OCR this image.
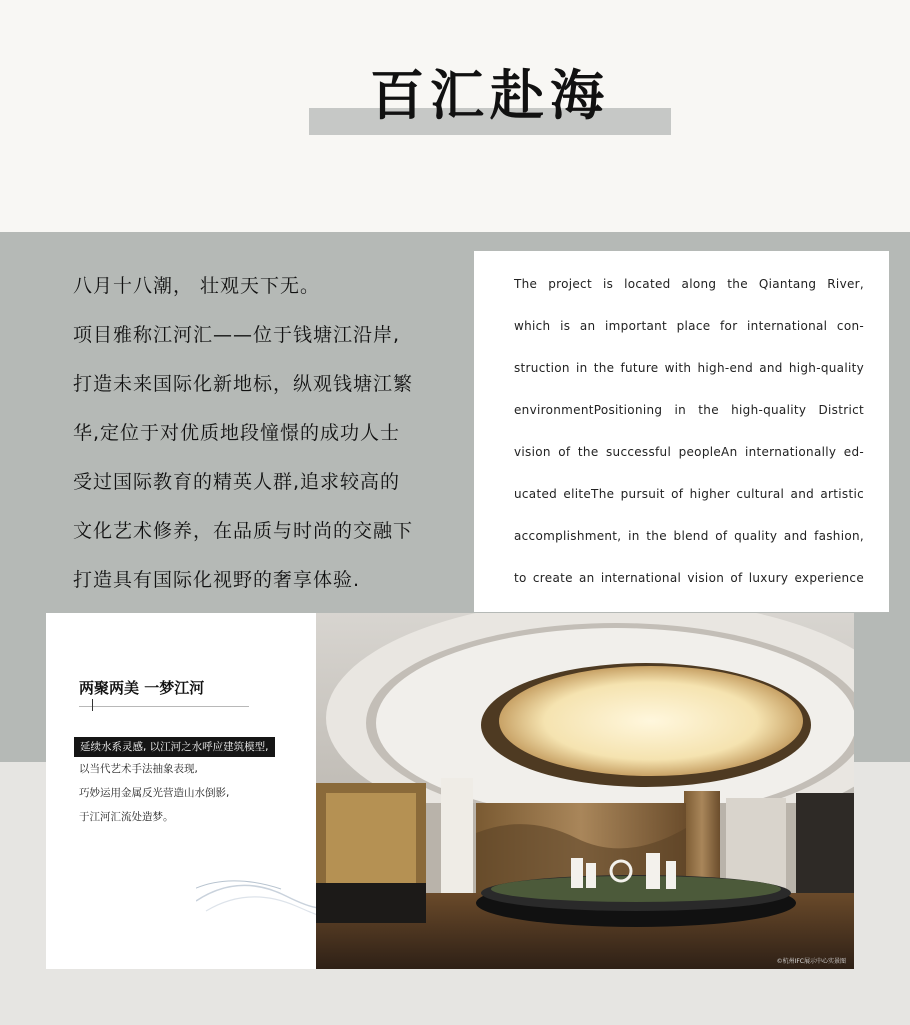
百汇赴海
八月十八潮， 壮观天下无。
项目雅称江河汇——位于钱塘江沿岸,
打造未来国际化新地标，纵观钱塘江繁
华,定位于对优质地段憧憬的成功人士
受过国际教育的精英人群,追求较高的
文化艺术修养，在品质与时尚的交融下
打造具有国际化视野的奢享体验.
The project is located along the Qiantang River,
which is an important place for international con-
struction in the future with high-end and high-quality
environmentPositioning in the high-quality District
vision of the successful peopleAn internationally ed-
ucated eliteThe pursuit of higher cultural and artistic
accomplishment, in the blend of quality and fashion,
to create an international vision of luxury experience
两聚两美 一梦江河
延续水系灵感, 以江河之水呼应建筑模型,
以当代艺术手法抽象表现,
巧妙运用金属反光营造山水倒影,
于江河汇流处造梦。
©杭州IFC展示中心实景图
